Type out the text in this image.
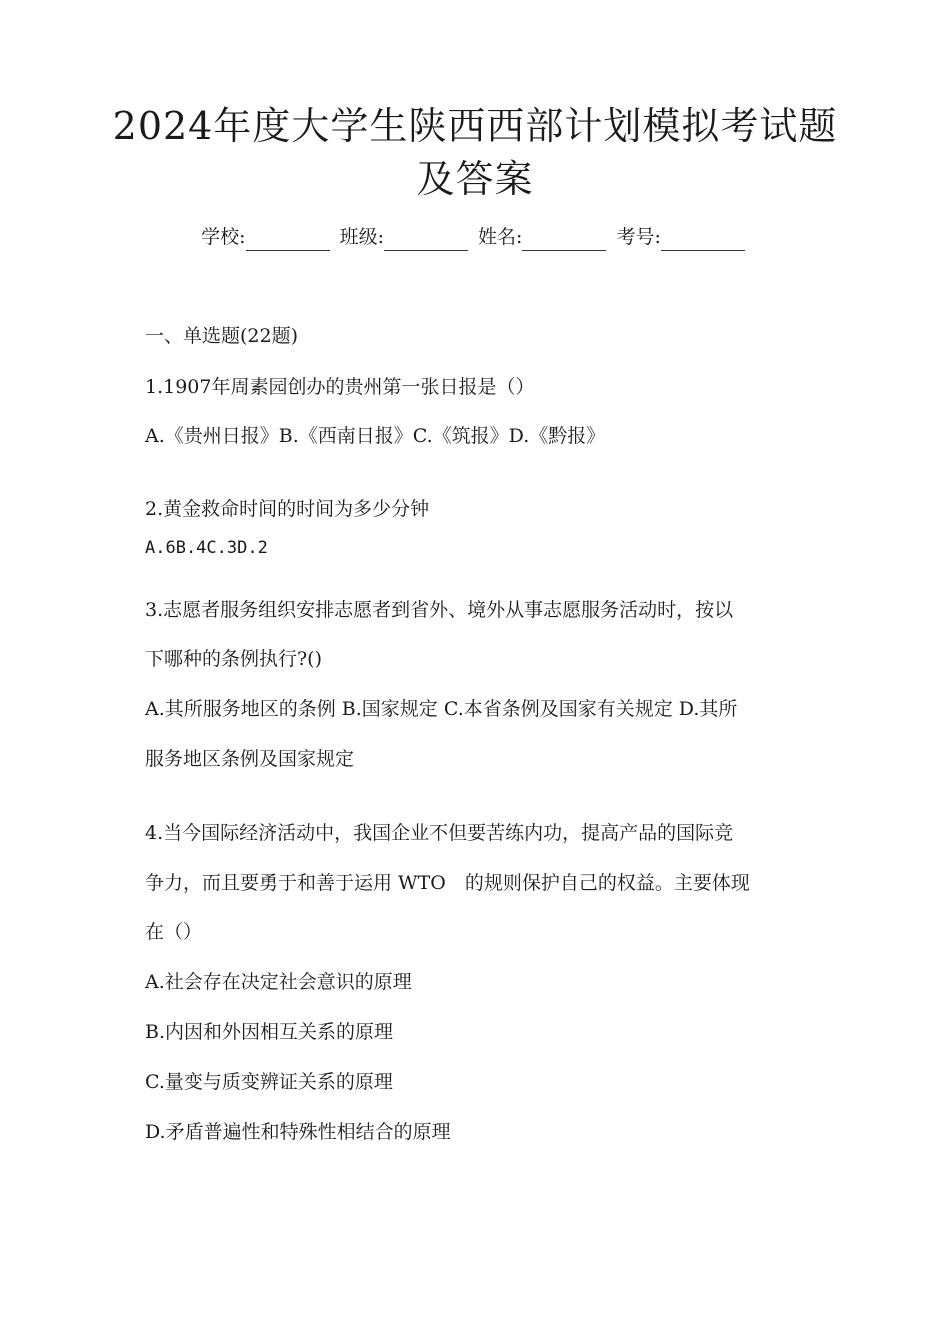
2024年度大学生陕西西部计划模拟考试题
及答案
学校:	班级:	姓名:	考号:
一、单选题(22题)
1.1907年周素园创办的贵州第一张日报是（）
A.《贵州日报》B.《西南日报》C.《筑报》D.《黔报》
2.黄金救命时间的时间为多少分钟
A.6B.4C.3D.2
3.志愿者服务组织安排志愿者到省外、境外从事志愿服务活动时，按以
下哪种的条例执行?()
A.其所服务地区的条例 B.国家规定 C.本省条例及国家有关规定 D.其所
服务地区条例及国家规定
4.当今国际经济活动中，我国企业不但要苦练内功，提高产品的国际竞
争力，而且要勇于和善于运用 WTO　的规则保护自己的权益。主要体现
在（）
A.社会存在决定社会意识的原理
B.内因和外因相互关系的原理
C.量变与质变辨证关系的原理
D.矛盾普遍性和特殊性相结合的原理
